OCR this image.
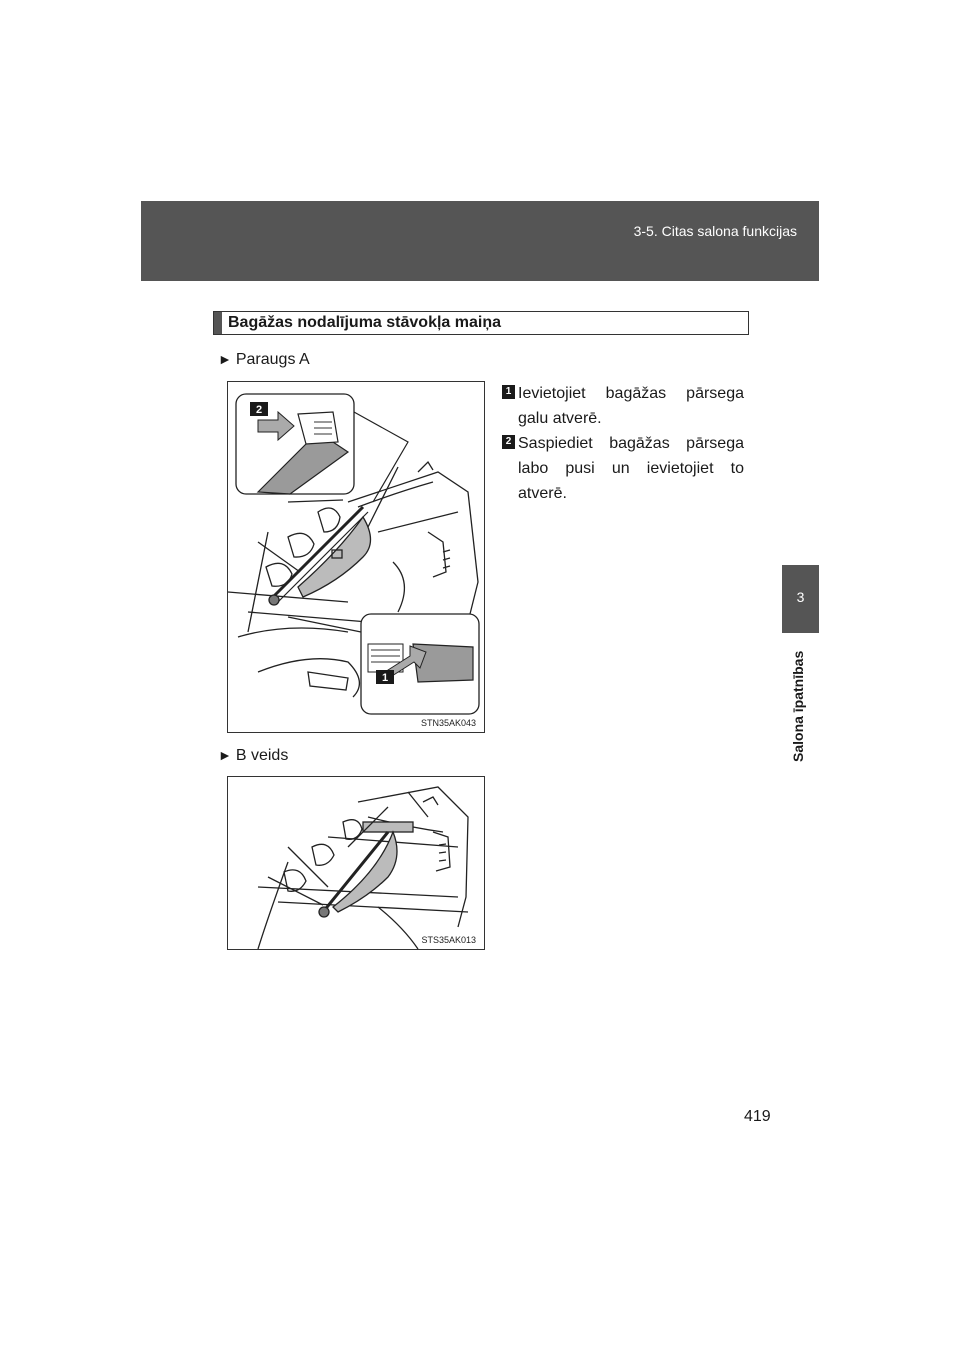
3-5. Citas salona funkcijas
3
Salona īpatnības
Bagāžas nodalījuma stāvokļa maiņa
► Paraugs A
2
1
STN35AK043
1 Ievietojiet bagāžas pārsega galu atverē.
2 Saspiediet bagāžas pārsega labo pusi un ievietojiet to atverē.
► B veids
STS35AK013
419
